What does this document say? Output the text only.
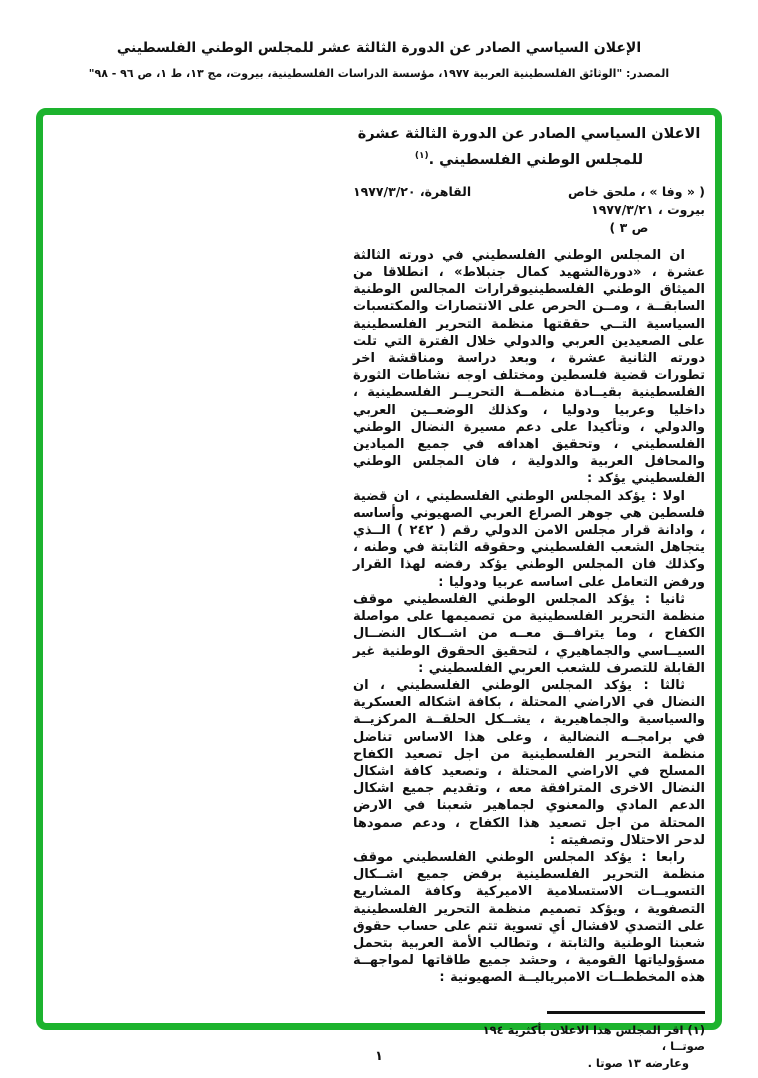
الإعلان السياسي الصادر عن الدورة الثالثة عشر للمجلس الوطني الفلسطيني
المصدر: "الوثائق الفلسطينية العربية ١٩٧٧، مؤسسة الدراسات الفلسطينية، بيروت، مج ١٣، ط ١، ص ٩٦ - ٩٨"
الاعلان السياسي الصادر عن الدورة الثالثة عشرة
للمجلس الوطني الفلسطيني .$^{(١)}$
( « وفا » ، ملحق خاص
بيروت ، ١٩٧٧/٣/٢١
ص ٣ )
القاهرة، ١٩٧٧/٣/٢٠

ان المجلس الوطني الفلسطيني في دورته الثالثة عشرة ، «دورةالشهيد كمال جنبلاط» ، انطلاقا من الميثاق الوطني الفلسطينيوقرارات المجالس الوطنية السابقــة ، ومــن الحرص على الانتصارات والمكتسبات السياسية التــي حققتها منظمة التحرير الفلسطينية على الصعيدين العربي والدولي خلال الفترة التي تلت دورته الثانية عشرة ، وبعد دراسة ومناقشة اخر تطورات قضية فلسطين ومختلف اوجه نشاطات الثورة الفلسطينية بقيــادة منظمــة التحريــر الفلسطينية ، داخليا وعربيا ودوليا ، وكذلك الوضعــين العربي والدولي ، وتأكيدا على دعم مسيرة النضال الوطني الفلسطيني ، وتحقيق اهدافه في جميع الميادين والمحافل العربية والدولية ، فان المجلس الوطني الفلسطيني يؤكد :

اولا : يؤكد المجلس الوطني الفلسطيني ، ان قضية فلسطين هي جوهر الصراع العربي الصهيوني وأساسه ، وادانة قرار مجلس الامن الدولي رقم ( ٢٤٢ ) الــذي يتجاهل الشعب الفلسطيني وحقوقه الثابتة في وطنه ، وكذلك فان المجلس الوطني يؤكد رفضه لهذا القرار ورفض التعامل على اساسه عربيا ودوليا :

ثانيا : يؤكد المجلس الوطني الفلسطيني موقف منظمة التحرير الفلسطينية من تصميمها على مواصلة الكفاح ، وما يترافــق معــه من اشــكال النضــال السيــاسي والجماهيري ، لتحقيق الحقوق الوطنية غير القابلة للتصرف للشعب العربي الفلسطيني :

ثالثا : يؤكد المجلس الوطني الفلسطيني ، ان النضال في الاراضي المحتلة ، بكافة اشكاله العسكرية والسياسية والجماهيرية ، يشــكل الحلقــة المركزيــة في برامجــه النضالية ، وعلى هذا الاساس تناضل منظمة التحرير الفلسطينية من اجل تصعيد الكفاح المسلح في الاراضي المحتلة ، وتصعيد كافة اشكال النضال الاخرى المترافقة معه ، وتقديم جميع اشكال الدعم المادي والمعنوي لجماهير شعبنا في الارض المحتلة من اجل تصعيد هذا الكفاح ، ودعم صمودها لدحر الاحتلال وتصفيته :

رابعا : يؤكد المجلس الوطني الفلسطيني موقف منظمة التحرير الفلسطينية برفض جميع اشــكال التسويــات الاستسلامية الاميركية وكافة المشاريع التصفوية ، ويؤكد تصميم منظمة التحرير الفلسطينية على التصدي لافشال أي تسوية تتم على حساب حقوق شعبنا الوطنية والثابتة ، وتطالب الأمة العربية بتحمل مسؤولياتها القومية ، وحشد جميع طاقاتها لمواجهــة هذه المخططــات الامبرياليــة الصهيونية :

(١) اقر المجلس هذا الاعلان بأكثرية ١٩٤ صوتــا ،
وعارضه ١٣ صوتا .
١
